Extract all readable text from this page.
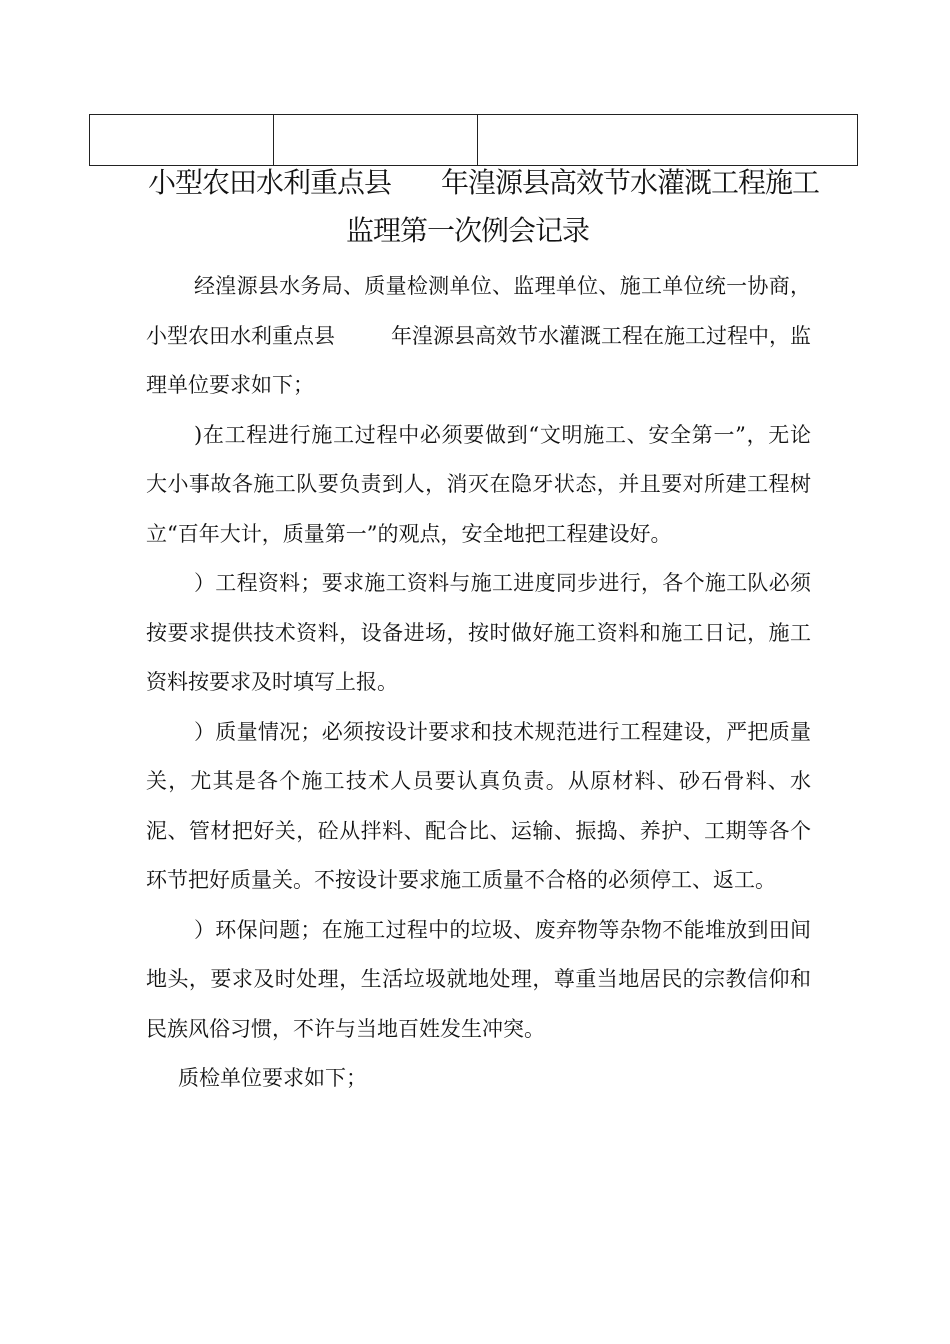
小型农田水利重点县 年湟源县高效节水灌溉工程施工
监理第一次例会记录

经湟源县水务局、质量检测单位、监理单位、施工单位统一协商，小型农田水利重点县	年湟源县高效节水灌溉工程在施工过程中，监理单位要求如下；

)在工程进行施工过程中必须要做到“文明施工、安全第一”，无论大小事故各施工队要负责到人，消灭在隐牙状态，并且要对所建工程树立“百年大计，质量第一”的观点，安全地把工程建设好。

）工程资料；要求施工资料与施工进度同步进行，各个施工队必须按要求提供技术资料，设备进场，按时做好施工资料和施工日记，施工资料按要求及时填写上报。

）质量情况；必须按设计要求和技术规范进行工程建设，严把质量关，尤其是各个施工技术人员要认真负责。从原材料、砂石骨料、水泥、管材把好关，砼从拌料、配合比、运输、振捣、养护、工期等各个环节把好质量关。不按设计要求施工质量不合格的必须停工、返工。

）环保问题；在施工过程中的垃圾、废弃物等杂物不能堆放到田间地头，要求及时处理，生活垃圾就地处理，尊重当地居民的宗教信仰和民族风俗习惯，不许与当地百姓发生冲突。

质检单位要求如下；
